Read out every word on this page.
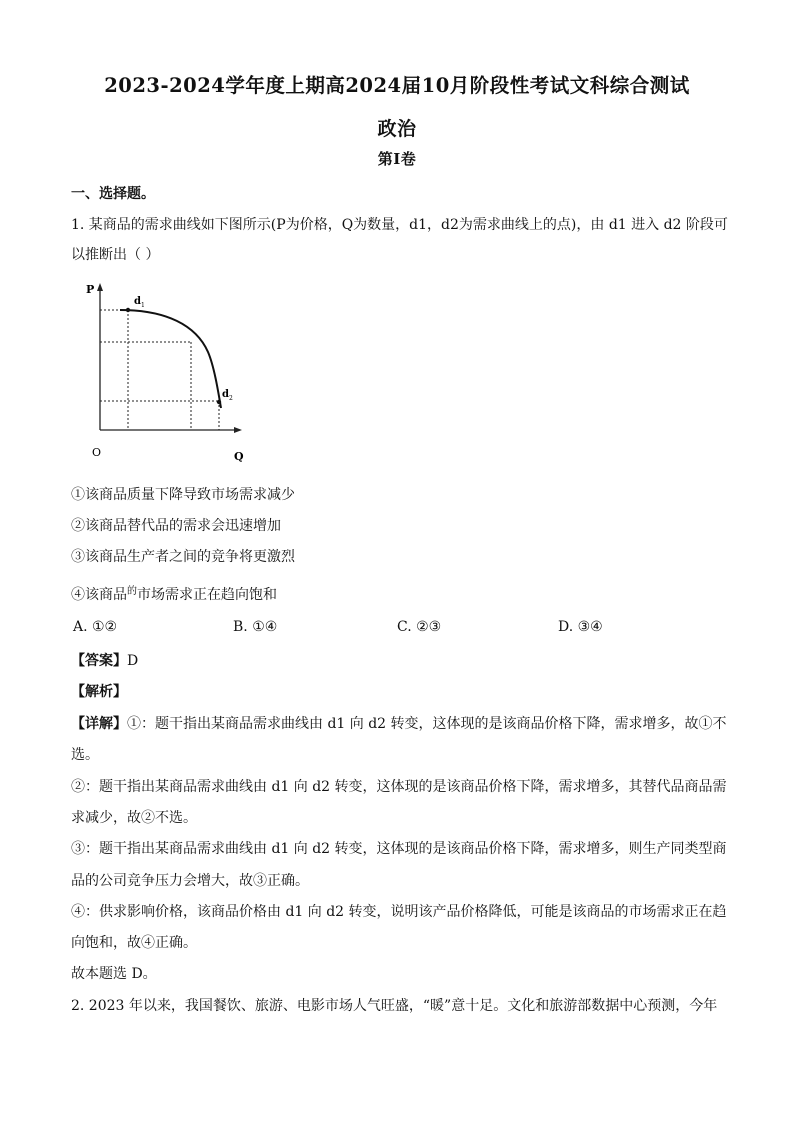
2023-2024学年度上期高2024届10月阶段性考试文科综合测试
政治
第Ⅰ卷
一、选择题。
1. 某商品的需求曲线如下图所示(P为价格，Q为数量，d1，d2为需求曲线上的点)，由 d1 进入 d2 阶段可
以推断出（ ）
P
Q
O
d 1
d 2
①该商品质量下降导致市场需求减少
②该商品替代品的需求会迅速增加
③该商品生产者之间的竞争将更激烈
④该商品$^的$市场需求正在趋向饱和
A. ①②	B. ①④	C. ②③	D. ③④
【答案】D
【解析】
【详解】①：题干指出某商品需求曲线由 d1 向 d2 转变，这体现的是该商品价格下降，需求增多，故①不
选。
②：题干指出某商品需求曲线由 d1 向 d2 转变，这体现的是该商品价格下降，需求增多，其替代品商品需
求减少，故②不选。
③：题干指出某商品需求曲线由 d1 向 d2 转变，这体现的是该商品价格下降，需求增多，则生产同类型商
品的公司竞争压力会增大，故③正确。
④：供求影响价格，该商品价格由 d1 向 d2 转变，说明该产品价格降低，可能是该商品的市场需求正在趋
向饱和，故④正确。
故本题选 D。
2. 2023 年以来，我国餐饮、旅游、电影市场人气旺盛，“暖”意十足。文化和旅游部数据中心预测，今年
